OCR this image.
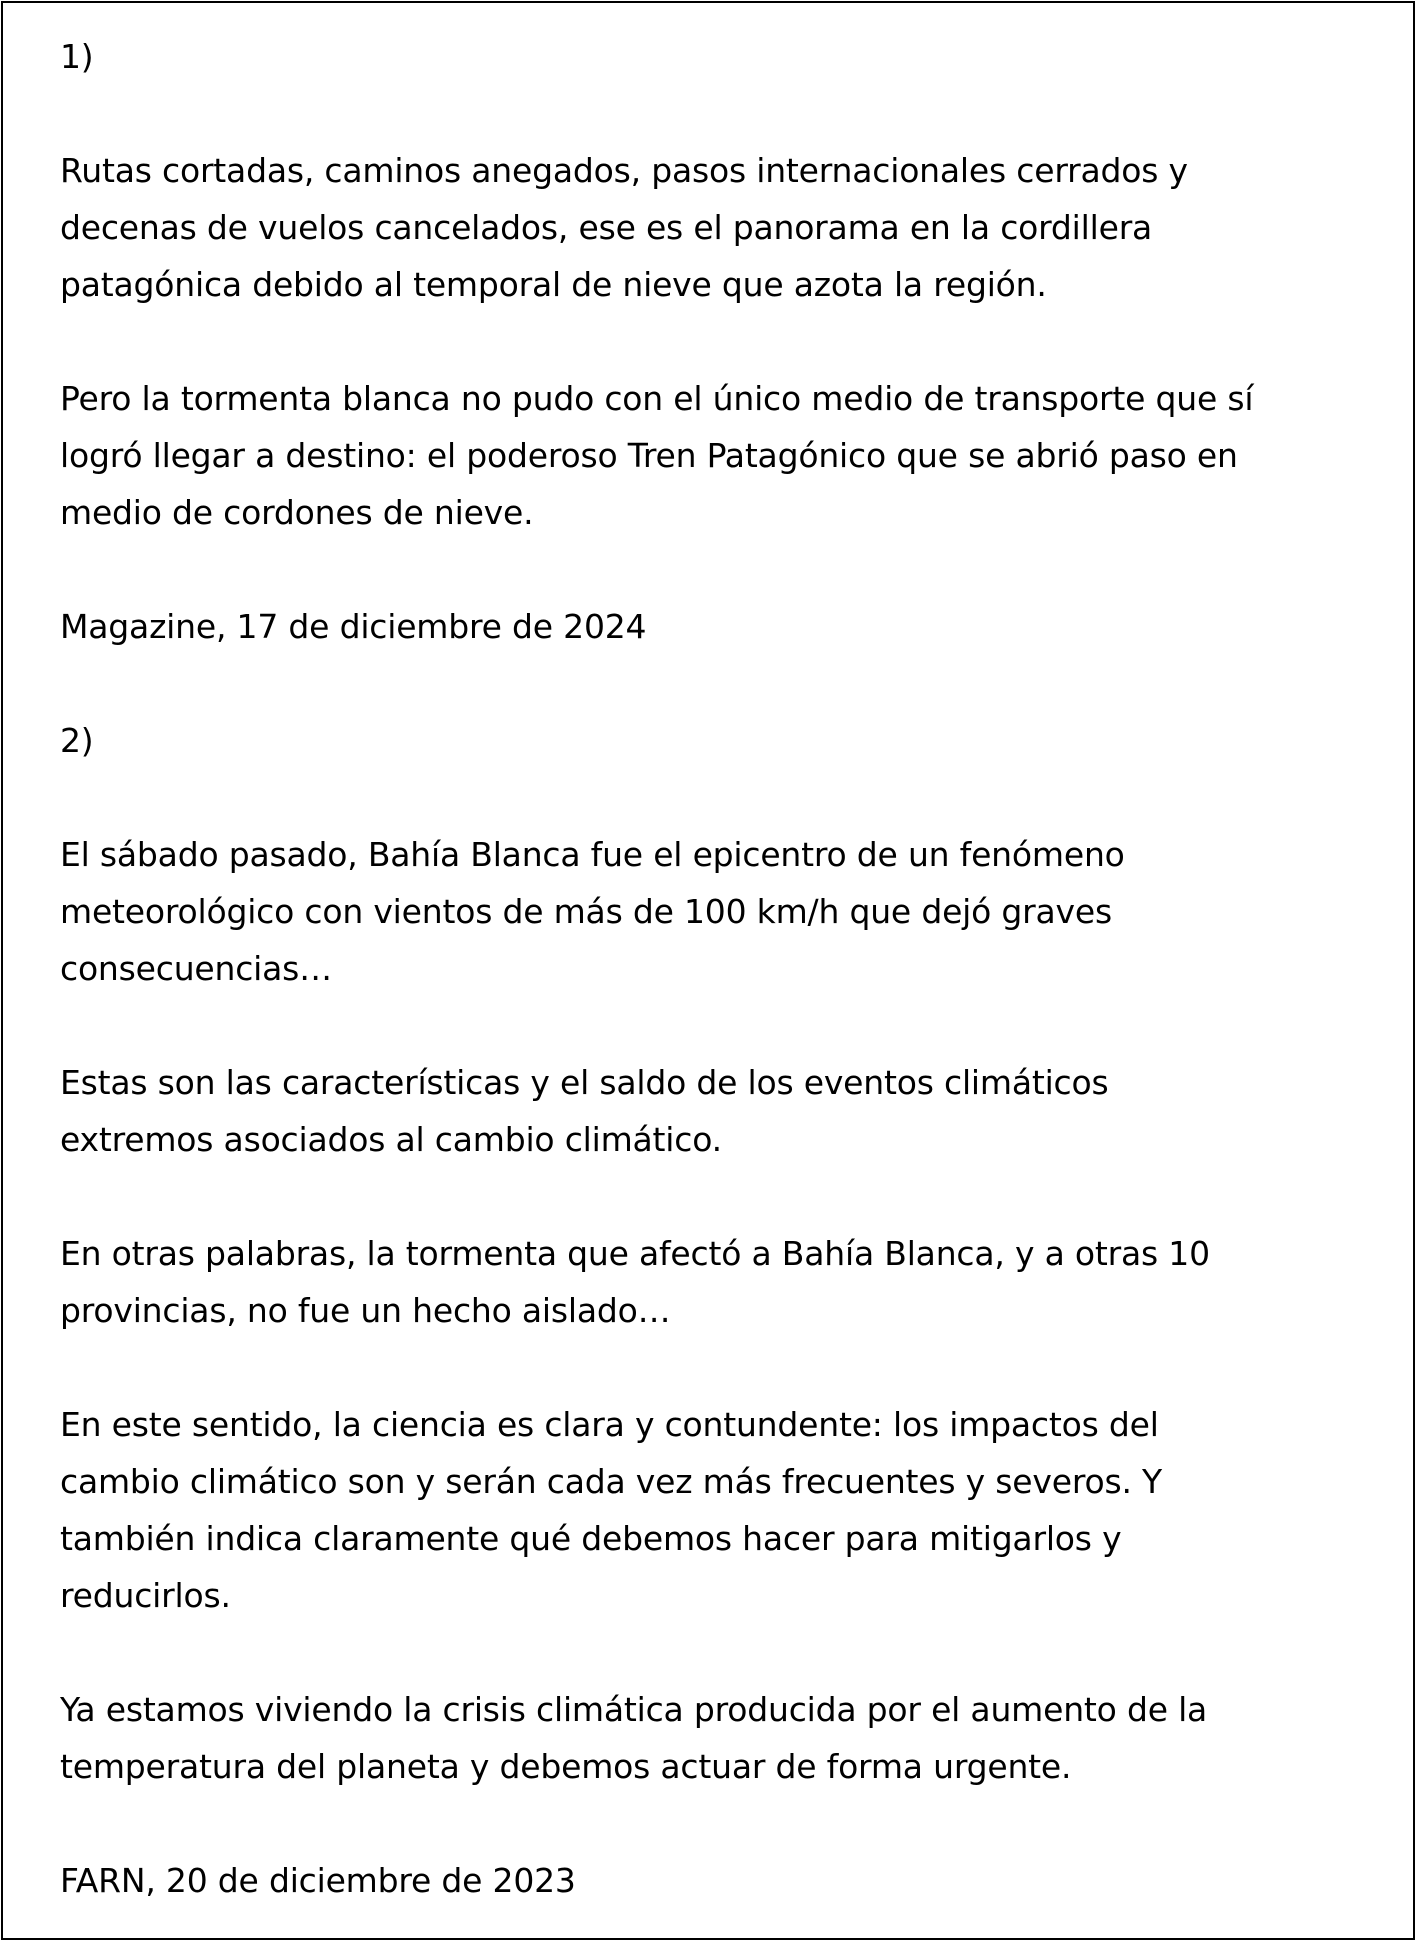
1)
Rutas cortadas, caminos anegados, pasos internacionales cerrados y
decenas de vuelos cancelados, ese es el panorama en la cordillera
patagónica debido al temporal de nieve que azota la región.
Pero la tormenta blanca no pudo con el único medio de transporte que sí
logró llegar a destino: el poderoso Tren Patagónico que se abrió paso en
medio de cordones de nieve.
Magazine, 17 de diciembre de 2024
2)
El sábado pasado, Bahía Blanca fue el epicentro de un fenómeno
meteorológico con vientos de más de 100 km/h que dejó graves
consecuencias…
Estas son las características y el saldo de los eventos climáticos
extremos asociados al cambio climático.
En otras palabras, la tormenta que afectó a Bahía Blanca, y a otras 10
provincias, no fue un hecho aislado…
En este sentido, la ciencia es clara y contundente: los impactos del
cambio climático son y serán cada vez más frecuentes y severos. Y
también indica claramente qué debemos hacer para mitigarlos y
reducirlos.
Ya estamos viviendo la crisis climática producida por el aumento de la
temperatura del planeta y debemos actuar de forma urgente.
FARN, 20 de diciembre de 2023
